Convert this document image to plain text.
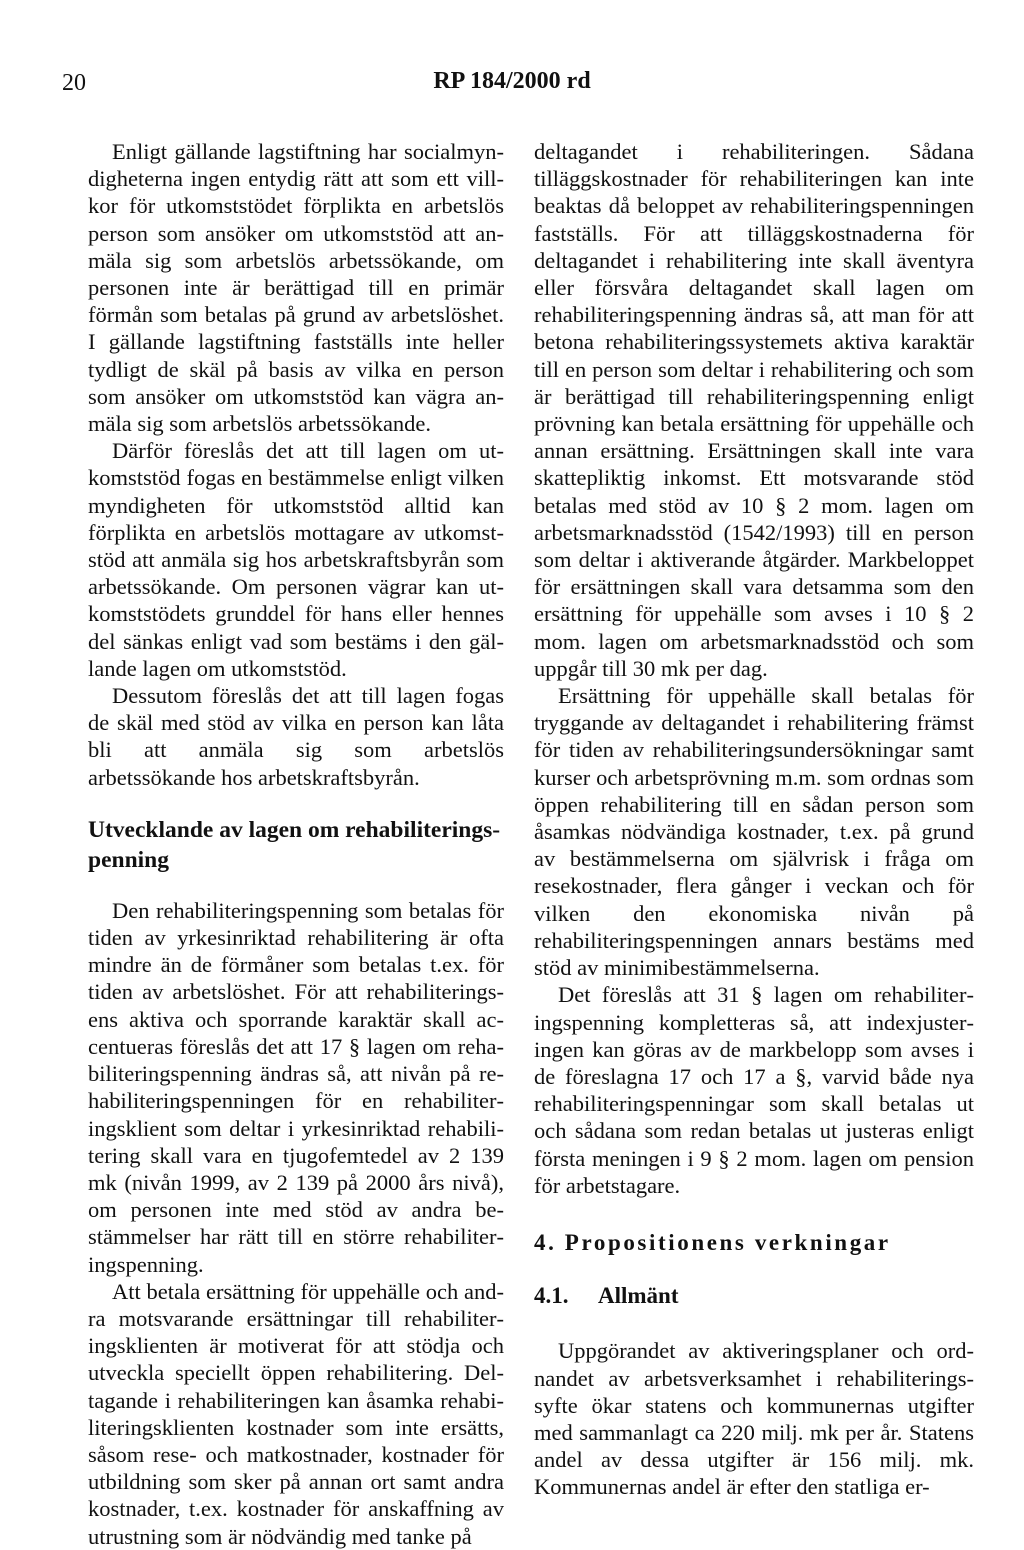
20	RP 184/2000 rd

Enligt gällande lagstiftning har socialmyndigheterna ingen entydig rätt att som ett villkor för utkomststödet förplikta en arbetslös person som ansöker om utkomststöd att anmäla sig som arbetslös arbetssökande, om personen inte är berättigad till en primär förmån som betalas på grund av arbetslöshet. I gällande lagstiftning fastställs inte heller tydligt de skäl på basis av vilka en person som ansöker om utkomststöd kan vägra anmäla sig som arbetslös arbetssökande.

Därför föreslås det att till lagen om utkomststöd fogas en bestämmelse enligt vilken myndigheten för utkomststöd alltid kan förplikta en arbetslös mottagare av utkomststöd att anmäla sig hos arbetskraftsbyrån som arbetssökande. Om personen vägrar kan utkomststödets grunddel för hans eller hennes del sänkas enligt vad som bestäms i den gällande lagen om utkomststöd.

Dessutom föreslås det att till lagen fogas de skäl med stöd av vilka en person kan låta bli att anmäla sig som arbetslös arbetssökande hos arbetskraftsbyrån.

Utvecklande av lagen om rehabiliteringspenning

Den rehabiliteringspenning som betalas för tiden av yrkesinriktad rehabilitering är ofta mindre än de förmåner som betalas t.ex. för tiden av arbetslöshet. För att rehabiliteringsens aktiva och sporrande karaktär skall accentueras föreslås det att 17 § lagen om rehabiliteringspenning ändras så, att nivån på rehabiliteringspenningen för en rehabiliteringsklient som deltar i yrkesinriktad rehabilitering skall vara en tjugofemtedel av 2 139 mk (nivån 1999, av 2 139 på 2000 års nivå), om personen inte med stöd av andra bestämmelser har rätt till en större rehabiliteringspenning.

Att betala ersättning för uppehälle och andra motsvarande ersättningar till rehabiliteringsklienten är motiverat för att stödja och utveckla speciellt öppen rehabilitering. Deltagande i rehabiliteringen kan åsamka rehabiliteringsklienten kostnader som inte ersätts, såsom rese- och matkostnader, kostnader för utbildning som sker på annan ort samt andra kostnader, t.ex. kostnader för anskaffning av utrustning som är nödvändig med tanke på

deltagandet i rehabiliteringen. Sådana tilläggskostnader för rehabiliteringen kan inte beaktas då beloppet av rehabiliteringspenningen fastställs. För att tilläggskostnaderna för deltagandet i rehabilitering inte skall äventyra eller försvåra deltagandet skall lagen om rehabiliteringspenning ändras så, att man för att betona rehabiliteringssystemets aktiva karaktär till en person som deltar i rehabilitering och som är berättigad till rehabiliteringspenning enligt prövning kan betala ersättning för uppehälle och annan ersättning. Ersättningen skall inte vara skattepliktig inkomst. Ett motsvarande stöd betalas med stöd av 10 § 2 mom. lagen om arbetsmarknadsstöd (1542/1993) till en person som deltar i aktiverande åtgärder. Markbeloppet för ersättningen skall vara detsamma som den ersättning för uppehälle som avses i 10 § 2 mom. lagen om arbetsmarknadsstöd och som uppgår till 30 mk per dag.

Ersättning för uppehälle skall betalas för tryggande av deltagandet i rehabilitering främst för tiden av rehabiliteringsundersökningar samt kurser och arbetsprövning m.m. som ordnas som öppen rehabilitering till en sådan person som åsamkas nödvändiga kostnader, t.ex. på grund av bestämmelserna om självrisk i fråga om resekostnader, flera gånger i veckan och för vilken den ekonomiska nivån på rehabiliteringspenningen annars bestäms med stöd av minimibestämmelserna.

Det föreslås att 31 § lagen om rehabiliteringspenning kompletteras så, att indexjusteringen kan göras av de markbelopp som avses i de föreslagna 17 och 17 a §, varvid både nya rehabiliteringspenningar som skall betalas ut och sådana som redan betalas ut justeras enligt första meningen i 9 § 2 mom. lagen om pension för arbetstagare.

4. Propositionens verkningar
4.1. Allmänt

Uppgörandet av aktiveringsplaner och ordnandet av arbetsverksamhet i rehabiliteringssyfte ökar statens och kommunernas utgifter med sammanlagt ca 220 milj. mk per år. Statens andel av dessa utgifter är 156 milj. mk. Kommunernas andel är efter den statliga er-
